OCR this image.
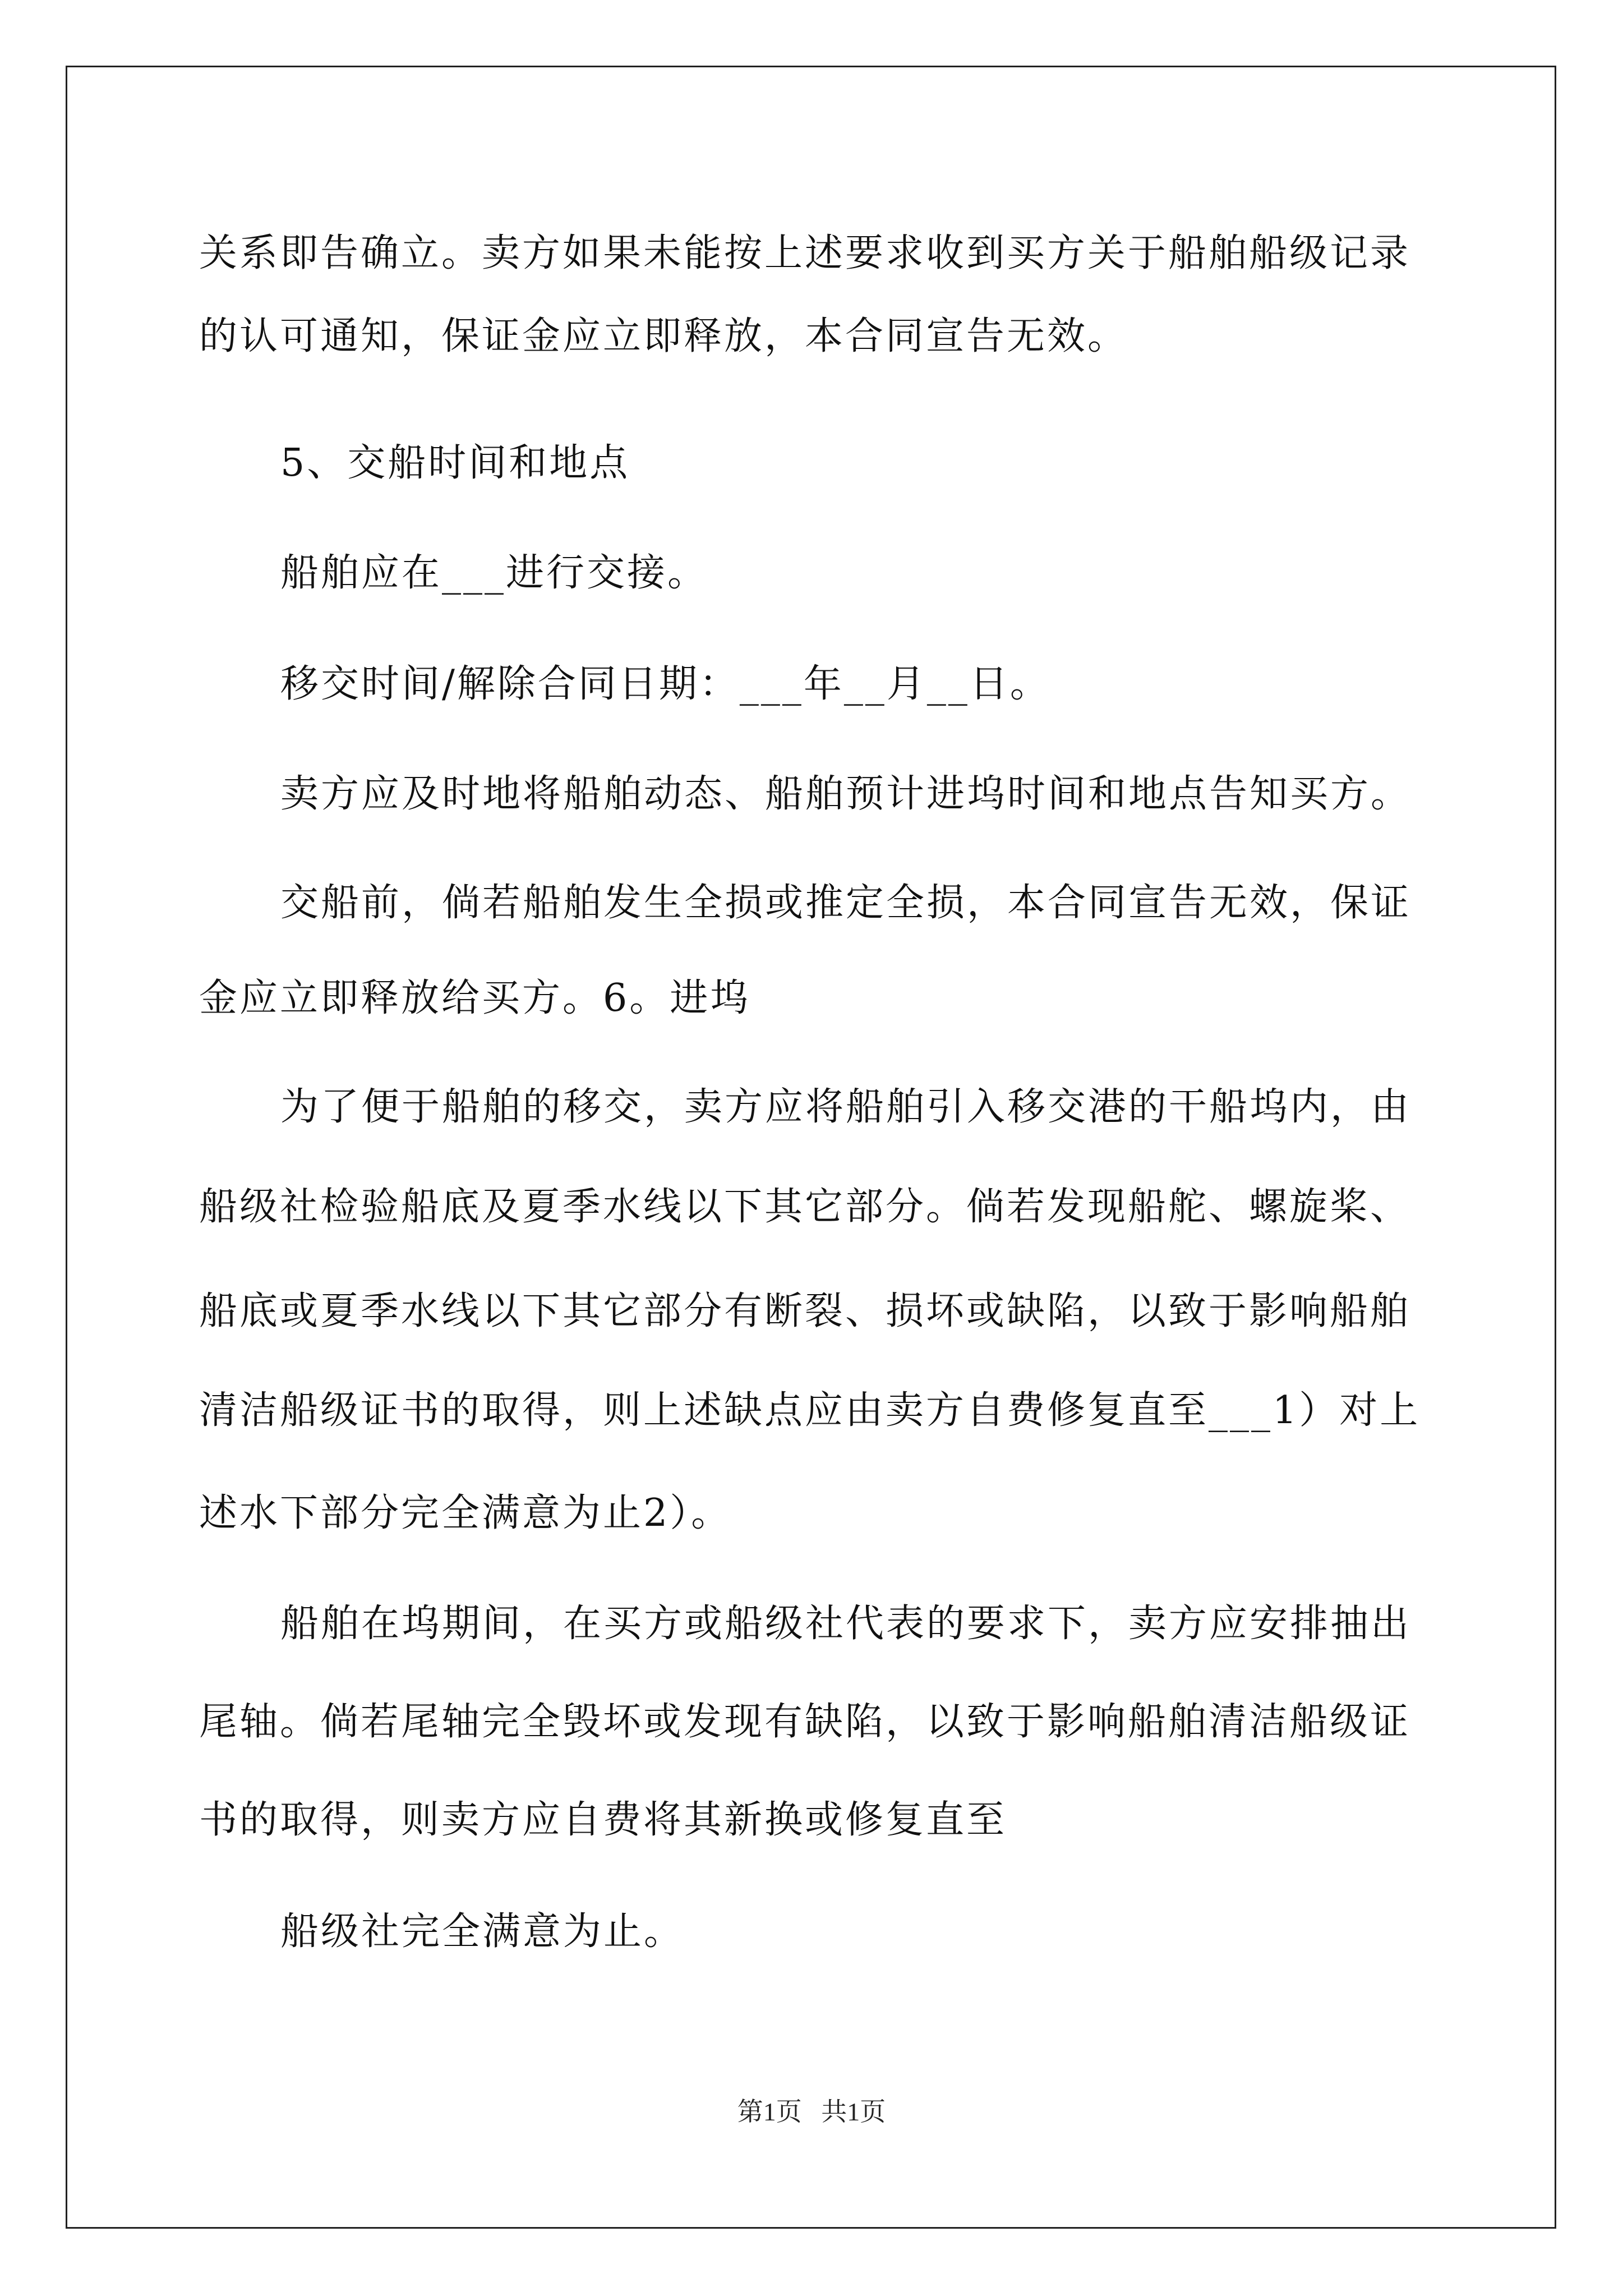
关系即告确立。卖方如果未能按上述要求收到买方关于船舶船级记录
的认可通知，保证金应立即释放，本合同宣告无效。
5、交船时间和地点
船舶应在___进行交接。
移交时间/解除合同日期：___年__月__日。
卖方应及时地将船舶动态、船舶预计进坞时间和地点告知买方。
交船前，倘若船舶发生全损或推定全损，本合同宣告无效，保证
金应立即释放给买方。6。进坞
为了便于船舶的移交，卖方应将船舶引入移交港的干船坞内，由
船级社检验船底及夏季水线以下其它部分。倘若发现船舵、螺旋桨、
船底或夏季水线以下其它部分有断裂、损坏或缺陷，以致于影响船舶
清洁船级证书的取得，则上述缺点应由卖方自费修复直至___1）对上
述水下部分完全满意为止2）。
船舶在坞期间，在买方或船级社代表的要求下，卖方应安排抽出
尾轴。倘若尾轴完全毁坏或发现有缺陷，以致于影响船舶清洁船级证
书的取得，则卖方应自费将其新换或修复直至
船级社完全满意为止。
第1页   共1页
